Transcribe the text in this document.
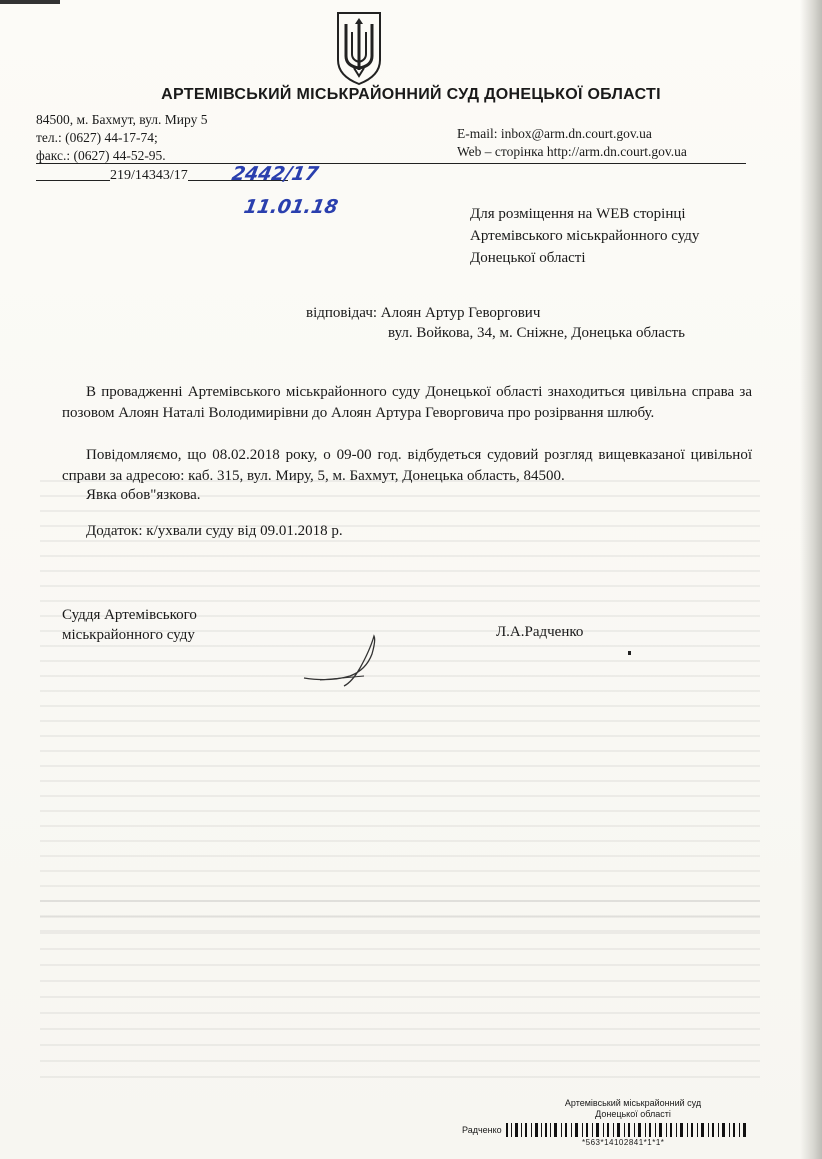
АРТЕМІВСЬКИЙ МІСЬКРАЙОННИЙ СУД ДОНЕЦЬКОЇ ОБЛАСТІ
84500, м. Бахмут, вул. Миру 5
тел.: (0627) 44-17-74;
факс.: (0627) 44-52-95.
E-mail: inbox@arm.dn.court.gov.ua
Web – сторінка http://arm.dn.court.gov.ua
219/14343/17	2442/17
11.01.18	Для розміщення на WEB сторінці
Артемівського міськрайонного суду
Донецької області
відповідач: Алоян Артур Геворгович
вул. Войкова, 34, м. Сніжне, Донецька область
В провадженні Артемівського міськрайонного суду Донецької області знаходиться цивільна справа за позовом Алоян Наталі Володимирівни до Алоян Артура Геворговича про розірвання шлюбу.
Повідомляємо, що 08.02.2018 року, о 09-00 год. відбудеться судовий розгляд вищевказаної цивільної справи за адресою: каб. 315, вул. Миру, 5, м. Бахмут, Донецька область, 84500.
Явка обов"язкова.
Додаток: к/ухвали суду від 09.01.2018 р.
Суддя Артемівського
міськрайонного суду	Л.А.Радченко
Артемівський міськрайонний суд
Донецької області
Радченко
*563*14102841*1*1*
